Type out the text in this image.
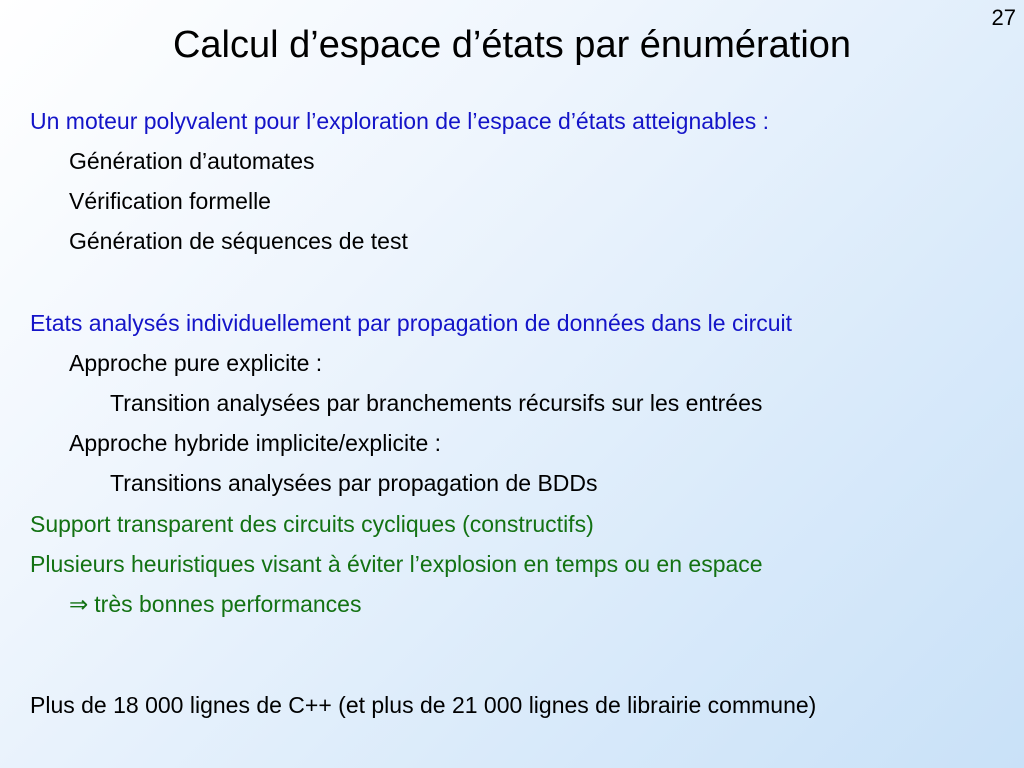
27
Calcul d’espace d’états par énumération
Un moteur polyvalent pour l’exploration de l’espace d’états atteignables :
Génération d’automates
Vérification formelle
Génération de séquences de test
Etats analysés individuellement par propagation de données dans le circuit
Approche pure explicite :
Transition analysées par branchements récursifs sur les entrées
Approche hybride implicite/explicite :
Transitions analysées par propagation de BDDs
Support transparent des circuits cycliques (constructifs)
Plusieurs heuristiques visant à éviter l’explosion en temps ou en espace
⇒ très bonnes performances
Plus de 18 000 lignes de C++ (et plus de 21 000 lignes de librairie commune)
